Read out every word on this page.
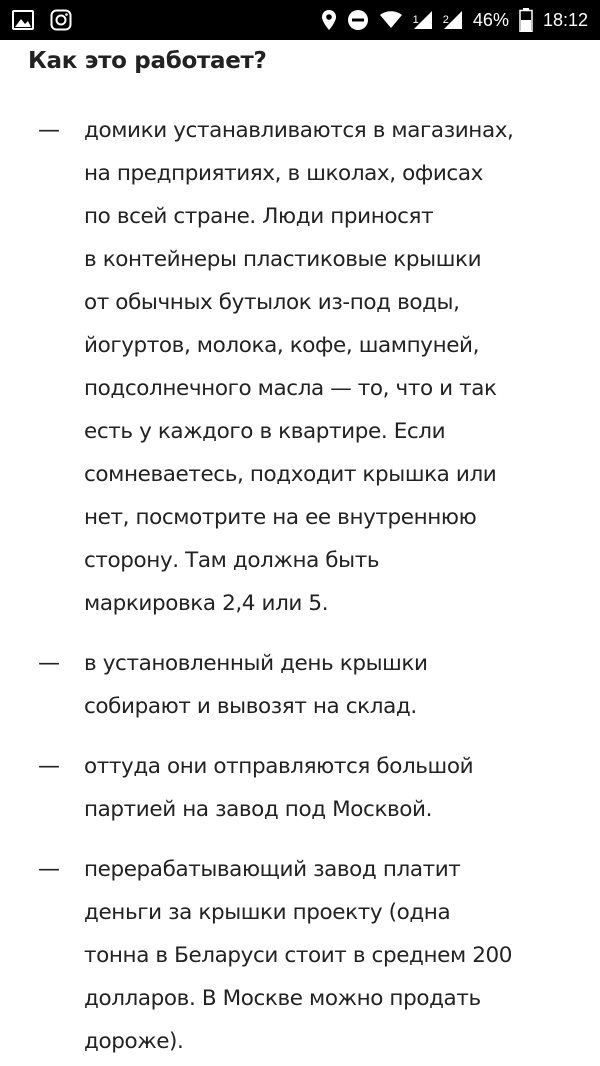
1 2 46% 18:12
Как это работает?
— домики устанавливаются в магазинах,
на предприятиях, в школах, офисах
по всей стране. Люди приносят
в контейнеры пластиковые крышки
от обычных бутылок из-под воды,
йогуртов, молока, кофе, шампуней,
подсолнечного масла — то, что и так
есть у каждого в квартире. Если
сомневаетесь, подходит крышка или
нет, посмотрите на ее внутреннюю
сторону. Там должна быть
маркировка 2,4 или 5.

— в установленный день крышки
собирают и вывозят на склад.

— оттуда они отправляются большой
партией на завод под Москвой.

— перерабатывающий завод платит
деньги за крышки проекту (одна
тонна в Беларуси стоит в среднем 200
долларов. В Москве можно продать
дороже).
